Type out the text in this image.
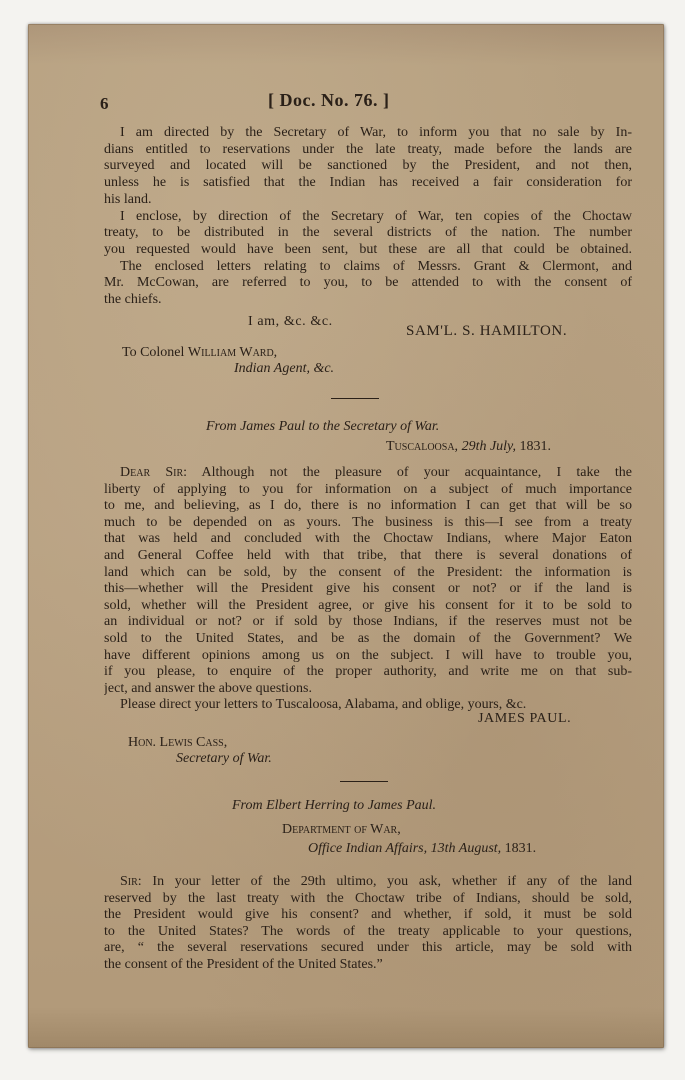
6	[ Doc. No. 76. ]
I am directed by the Secretary of War, to inform you that no sale by In-
dians entitled to reservations under the late treaty, made before the lands are
surveyed and located will be sanctioned by the President, and not then,
unless he is satisfied that the Indian has received a fair consideration for
his land.
I enclose, by direction of the Secretary of War, ten copies of the Choctaw
treaty, to be distributed in the several districts of the nation. The number
you requested would have been sent, but these are all that could be obtained.
The enclosed letters relating to claims of Messrs. Grant & Clermont, and
Mr. McCowan, are referred to you, to be attended to with the consent of
the chiefs.
I am, &c. &c.
SAM'L. S. HAMILTON.
To Colonel William Ward,
Indian Agent, &c.
From James Paul to the Secretary of War.
Tuscaloosa, 29th July, 1831.
Dear Sir: Although not the pleasure of your acquaintance, I take the
liberty of applying to you for information on a subject of much importance
to me, and believing, as I do, there is no information I can get that will be so
much to be depended on as yours. The business is this—I see from a treaty
that was held and concluded with the Choctaw Indians, where Major Eaton
and General Coffee held with that tribe, that there is several donations of
land which can be sold, by the consent of the President: the information is
this—whether will the President give his consent or not? or if the land is
sold, whether will the President agree, or give his consent for it to be sold to
an individual or not? or if sold by those Indians, if the reserves must not be
sold to the United States, and be as the domain of the Government? We
have different opinions among us on the subject. I will have to trouble you,
if you please, to enquire of the proper authority, and write me on that sub-
ject, and answer the above questions.
Please direct your letters to Tuscaloosa, Alabama, and oblige, yours, &c.
JAMES PAUL.
Hon. Lewis Cass,
Secretary of War.
From Elbert Herring to James Paul.
Department of War,
Office Indian Affairs, 13th August, 1831.
Sir: In your letter of the 29th ultimo, you ask, whether if any of the land
reserved by the last treaty with the Choctaw tribe of Indians, should be sold,
the President would give his consent? and whether, if sold, it must be sold
to the United States? The words of the treaty applicable to your questions,
are, “ the several reservations secured under this article, may be sold with
the consent of the President of the United States.”
